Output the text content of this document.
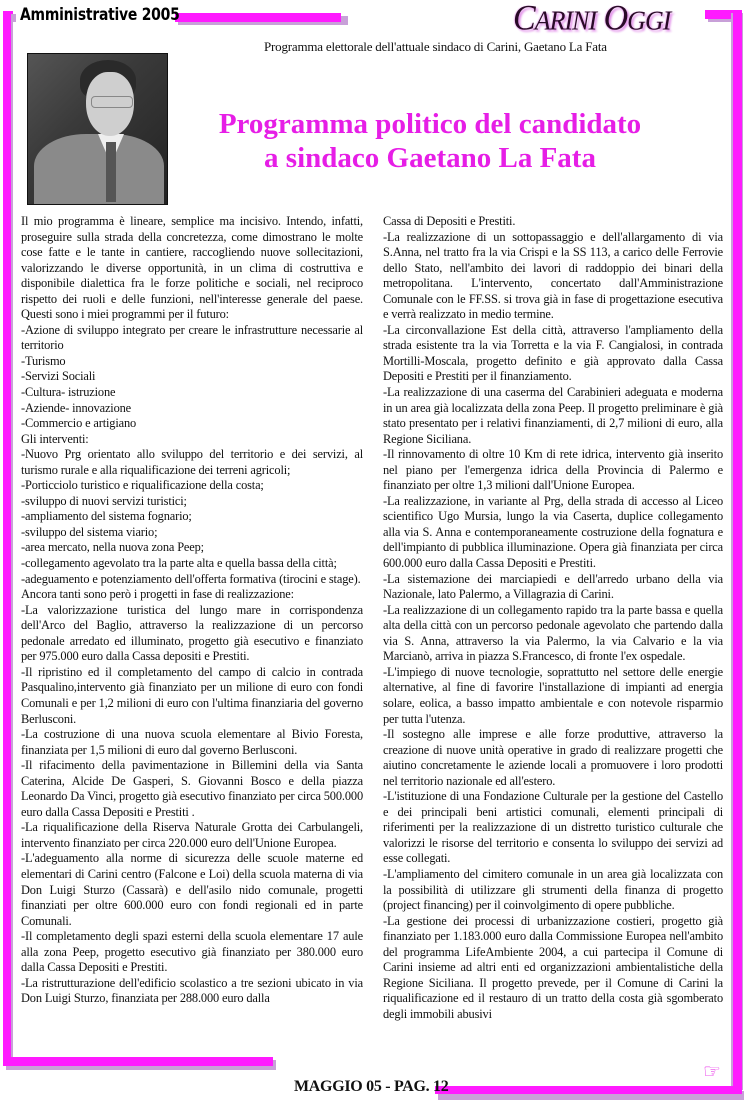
Amministrative 2005	CARINI OGGI
Programma elettorale dell'attuale sindaco di Carini, Gaetano La Fata
Programma politico del candidato
a sindaco Gaetano La Fata

Il mio programma è lineare, semplice ma incisivo. Intendo, infatti, proseguire sulla strada della concretezza, come dimostrano le molte cose fatte e le tante in cantiere, raccogliendo nuove sollecitazioni, valorizzando le diverse opportunità, in un clima di costruttiva e disponibile dialettica fra le forze politiche e sociali, nel reciproco rispetto dei ruoli e delle funzioni, nell'interesse generale del paese. Questi sono i miei programmi per il futuro:

-Azione di sviluppo integrato per creare le infrastrutture necessarie al territorio

-Turismo

-Servizi Sociali

-Cultura- istruzione

-Aziende- innovazione

-Commercio e artigiano

Gli interventi:

-Nuovo Prg orientato allo sviluppo del territorio e dei servizi, al turismo rurale e alla riqualificazione dei terreni agricoli;

-Porticciolo turistico e riqualificazione della costa;

-sviluppo di nuovi servizi turistici;

-ampliamento del sistema fognario;

-sviluppo del sistema viario;

-area mercato, nella nuova zona Peep;

-collegamento agevolato tra la parte alta e quella bassa della città;

-adeguamento e potenziamento dell'offerta formativa (tirocini e stage).

Ancora tanti sono però i progetti in fase di realizzazione:

-La valorizzazione turistica del lungo mare in corrispondenza dell'Arco del Baglio, attraverso la realizzazione di un percorso pedonale arredato ed illuminato, progetto già esecutivo e finanziato per 975.000 euro dalla Cassa depositi e Prestiti.

-Il ripristino ed il completamento del campo di calcio in contrada Pasqualino,intervento già finanziato per un milione di euro con fondi Comunali e per 1,2 milioni di euro con l'ultima finanziaria del governo Berlusconi.

-La costruzione di una nuova scuola elementare al Bivio Foresta, finanziata per 1,5 milioni di euro dal governo Berlusconi.

-Il rifacimento della pavimentazione in Billemini della via Santa Caterina, Alcide De Gasperi, S. Giovanni Bosco e della piazza Leonardo Da Vinci, progetto già esecutivo finanziato per circa 500.000 euro dalla Cassa Depositi e Prestiti .

-La riqualificazione della Riserva Naturale Grotta dei Carbulangeli, intervento finanziato per circa 220.000 euro dell'Unione Europea.

-L'adeguamento alla norme di sicurezza delle scuole materne ed elementari di Carini centro (Falcone e Loi) della scuola materna di via Don Luigi Sturzo (Cassarà) e dell'asilo nido comunale, progetti finanziati per oltre 600.000 euro con fondi regionali ed in parte Comunali.

-Il completamento degli spazi esterni della scuola elementare 17 aule alla zona Peep, progetto esecutivo già finanziato per 380.000 euro dalla Cassa Depositi e Prestiti.

-La ristrutturazione dell'edificio scolastico a tre sezioni ubicato in via Don Luigi Sturzo, finanziata per 288.000 euro dalla

Cassa di Depositi e Prestiti.

-La realizzazione di un sottopassaggio e dell'allargamento di via S.Anna, nel tratto fra la via Crispi e la SS 113, a carico delle Ferrovie dello Stato, nell'ambito dei lavori di raddoppio dei binari della metropolitana. L'intervento, concertato dall'Amministrazione Comunale con le FF.SS. si trova già in fase di progettazione esecutiva e verrà realizzato in medio termine.

-La circonvallazione Est della città, attraverso l'ampliamento della strada esistente tra la via Torretta e la via F. Cangialosi, in contrada Mortilli-Moscala, progetto definito e già approvato dalla Cassa Depositi e Prestiti per il finanziamento.

-La realizzazione di una caserma del Carabinieri adeguata e moderna in un area già localizzata della zona Peep. Il progetto preliminare è già stato presentato per i relativi finanziamenti, di 2,7 milioni di euro, alla Regione Siciliana.

-Il rinnovamento di oltre 10 Km di rete idrica, intervento già inserito nel piano per l'emergenza idrica della Provincia di Palermo e finanziato per oltre 1,3 milioni dall'Unione Europea.

-La realizzazione, in variante al Prg, della strada di accesso al Liceo scientifico Ugo Mursia, lungo la via Caserta, duplice collegamento alla via S. Anna e contemporaneamente costruzione della fognatura e dell'impianto di pubblica illuminazione. Opera già finanziata per circa 600.000 euro dalla Cassa Depositi e Prestiti.

-La sistemazione dei marciapiedi e dell'arredo urbano della via Nazionale, lato Palermo, a Villagrazia di Carini.

-La realizzazione di un collegamento rapido tra la parte bassa e quella alta della città con un percorso pedonale agevolato che partendo dalla via S. Anna, attraverso la via Palermo, la via Calvario e la via Marcianò, arriva in piazza S.Francesco, di fronte l'ex ospedale.

-L'impiego di nuove tecnologie, soprattutto nel settore delle energie alternative, al fine di favorire l'installazione di impianti ad energia solare, eolica, a basso impatto ambientale e con notevole risparmio per tutta l'utenza.

-Il sostegno alle imprese e alle forze produttive, attraverso la creazione di nuove unità operative in grado di realizzare progetti che aiutino concretamente le aziende locali a promuovere i loro prodotti nel territorio nazionale ed all'estero.

-L'istituzione di una Fondazione Culturale per la gestione del Castello e dei principali beni artistici comunali, elementi principali di riferimenti per la realizzazione di un distretto turistico culturale che valorizzi le risorse del territorio e consenta lo sviluppo dei servizi ad esse collegati.

-L'ampliamento del cimitero comunale in un area già localizzata con la possibilità di utilizzare gli strumenti della finanza di progetto (project financing) per il coinvolgimento di opere pubbliche.

-La gestione dei processi di urbanizzazione costieri, progetto già finanziato per 1.183.000 euro dalla Commissione Europea nell'ambito del programma LifeAmbiente 2004, a cui partecipa il Comune di Carini insieme ad altri enti ed organizzazioni ambientalistiche della Regione Siciliana. Il progetto prevede, per il Comune di Carini la riqualificazione ed il restauro di un tratto della costa già sgomberato degli immobili abusivi

MAGGIO 05 - PAG. 12
☞
